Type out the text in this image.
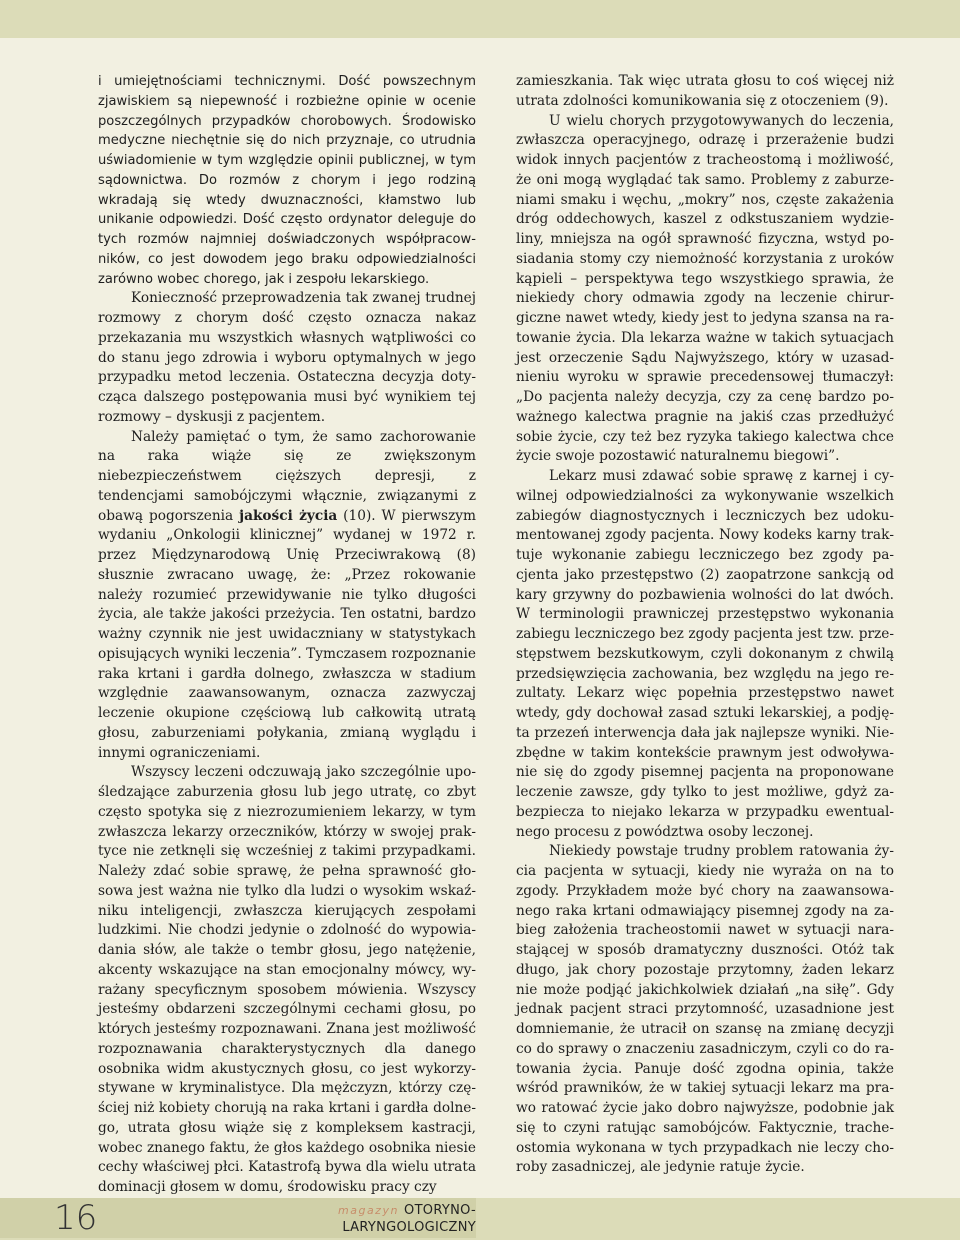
i umiejętnościami technicznymi. Dość powszechnym zjawiskiem są niepewność i rozbieżne opinie w ocenie poszczególnych przypadków chorobowych. Środowisko medyczne niechętnie się do nich przyznaje, co utrudnia uświadomienie w tym względzie opinii publicznej, w tym sądownictwa. Do rozmów z chorym i jego rodziną wkradają się wtedy dwuznaczności, kłamstwo lub unikanie odpowiedzi. Dość często ordynator deleguje do tych rozmów najmniej doświadczonych współpracowników, co jest dowodem jego braku odpowiedzialności zarówno wobec chorego, jak i zespołu lekarskiego.

Konieczność przeprowadzenia tak zwanej trudnej rozmowy z chorym dość często oznacza nakaz przekazania mu wszystkich własnych wątpliwości co do stanu jego zdrowia i wyboru optymalnych w jego przypadku metod leczenia. Ostateczna decyzja dotycząca dalszego postępowania musi być wynikiem tej rozmowy – dyskusji z pacjentem.

Należy pamiętać o tym, że samo zachorowanie na raka wiąże się ze zwiększonym niebezpieczeństwem cięższych depresji, z tendencjami samobójczymi włącznie, związanymi z obawą pogorszenia jakości życia (10). W pierwszym wydaniu „Onkologii klinicznej” wydanej w 1972 r. przez Międzynarodową Unię Przeciwrakową (8) słusznie zwracano uwagę, że: „Przez rokowanie należy rozumieć przewidywanie nie tylko długości życia, ale także jakości przeżycia. Ten ostatni, bardzo ważny czynnik nie jest uwidaczniany w statystykach opisujących wyniki leczenia”. Tymczasem rozpoznanie raka krtani i gardła dolnego, zwłaszcza w stadium względnie zaawansowanym, oznacza zazwyczaj leczenie okupione częściową lub całkowitą utratą głosu, zaburzeniami połykania, zmianą wyglądu i innymi ograniczeniami.

Wszyscy leczeni odczuwają jako szczególnie upośledzające zaburzenia głosu lub jego utratę, co zbyt często spotyka się z niezrozumieniem lekarzy, w tym zwłaszcza lekarzy orzeczników, którzy w swojej praktyce nie zetknęli się wcześniej z takimi przypadkami. Należy zdać sobie sprawę, że pełna sprawność głosowa jest ważna nie tylko dla ludzi o wysokim wskaźniku inteligencji, zwłaszcza kierujących zespołami ludzkimi. Nie chodzi jedynie o zdolność do wypowiadania słów, ale także o tembr głosu, jego natężenie, akcenty wskazujące na stan emocjonalny mówcy, wyrażany specyficznym sposobem mówienia. Wszyscy jesteśmy obdarzeni szczególnymi cechami głosu, po których jesteśmy rozpoznawani. Znana jest możliwość rozpoznawania charakterystycznych dla danego osobnika widm akustycznych głosu, co jest wykorzystywane w kryminalistyce. Dla mężczyzn, którzy częściej niż kobiety chorują na raka krtani i gardła dolnego, utrata głosu wiąże się z kompleksem kastracji, wobec znanego faktu, że głos każdego osobnika niesie cechy właściwej płci. Katastrofą bywa dla wielu utrata dominacji głosem w domu, środowisku pracy czy

zamieszkania. Tak więc utrata głosu to coś więcej niż utrata zdolności komunikowania się z otoczeniem (9).

U wielu chorych przygotowywanych do leczenia, zwłaszcza operacyjnego, odrazę i przerażenie budzi widok innych pacjentów z tracheostomą i możliwość, że oni mogą wyglądać tak samo. Problemy z zaburzeniami smaku i węchu, „mokry” nos, częste zakażenia dróg oddechowych, kaszel z odkstuszaniem wydzieliny, mniejsza na ogół sprawność fizyczna, wstyd posiadania stomy czy niemożność korzystania z uroków kąpieli – perspektywa tego wszystkiego sprawia, że niekiedy chory odmawia zgody na leczenie chirurgiczne nawet wtedy, kiedy jest to jedyna szansa na ratowanie życia. Dla lekarza ważne w takich sytuacjach jest orzeczenie Sądu Najwyższego, który w uzasadnieniu wyroku w sprawie precedensowej tłumaczył: „Do pacjenta należy decyzja, czy za cenę bardzo poważnego kalectwa pragnie na jakiś czas przedłużyć sobie życie, czy też bez ryzyka takiego kalectwa chce życie swoje pozostawić naturalnemu biegowi”.

Lekarz musi zdawać sobie sprawę z karnej i cywilnej odpowiedzialności za wykonywanie wszelkich zabiegów diagnostycznych i leczniczych bez udokumentowanej zgody pacjenta. Nowy kodeks karny traktuje wykonanie zabiegu leczniczego bez zgody pacjenta jako przestępstwo (2) zaopatrzone sankcją od kary grzywny do pozbawienia wolności do lat dwóch. W terminologii prawniczej przestępstwo wykonania zabiegu leczniczego bez zgody pacjenta jest tzw. przestępstwem bezskutkowym, czyli dokonanym z chwilą przedsięwzięcia zachowania, bez względu na jego rezultaty. Lekarz więc popełnia przestępstwo nawet wtedy, gdy dochował zasad sztuki lekarskiej, a podjęta przezeń interwencja dała jak najlepsze wyniki. Niezbędne w takim kontekście prawnym jest odwoływanie się do zgody pisemnej pacjenta na proponowane leczenie zawsze, gdy tylko to jest możliwe, gdyż zabezpiecza to niejako lekarza w przypadku ewentualnego procesu z powództwa osoby leczonej.

Niekiedy powstaje trudny problem ratowania życia pacjenta w sytuacji, kiedy nie wyraża on na to zgody. Przykładem może być chory na zaawansowanego raka krtani odmawiający pisemnej zgody na zabieg założenia tracheostomii nawet w sytuacji narastającej w sposób dramatyczny duszności. Otóż tak długo, jak chory pozostaje przytomny, żaden lekarz nie może podjąć jakichkolwiek działań „na siłę”. Gdy jednak pacjent straci przytomność, uzasadnione jest domniemanie, że utracił on szansę na zmianę decyzji co do sprawy o znaczeniu zasadniczym, czyli co do ratowania życia. Panuje dość zgodna opinia, także wśród prawników, że w takiej sytuacji lekarz ma prawo ratować życie jako dobro najwyższe, podobnie jak się to czyni ratując samobójców. Faktycznie, tracheostomia wykonana w tych przypadkach nie leczy choroby zasadniczej, ale jedynie ratuje życie.

16	magazyn OTORYNO-
LARYNGOLOGICZNY
